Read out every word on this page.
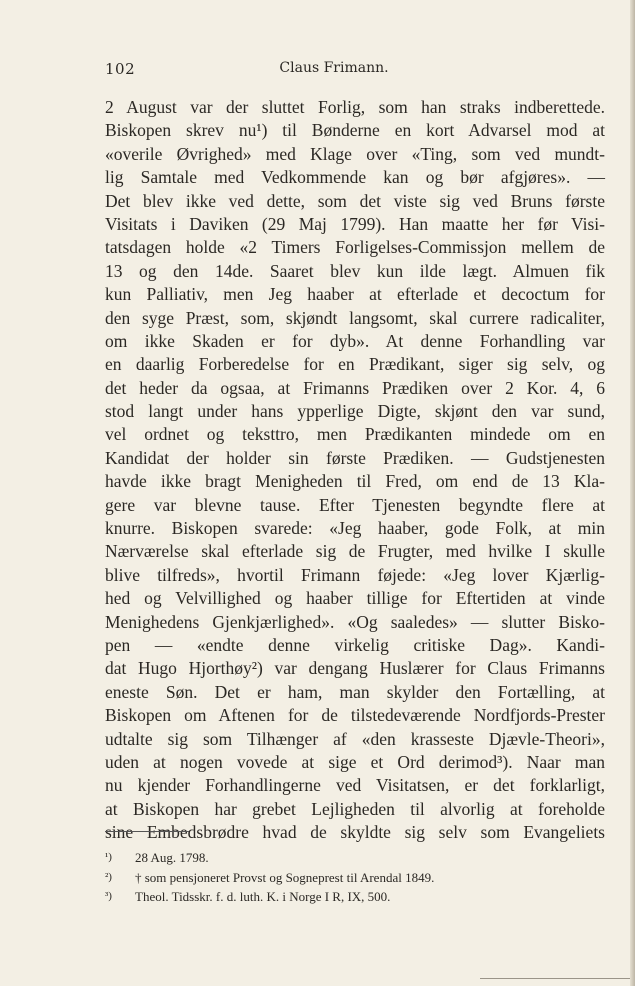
102	Claus Frimann.
2 August var der sluttet Forlig, som han straks indberettede.
Biskopen skrev nu¹) til Bønderne en kort Advarsel mod at
«overile Øvrighed» med Klage over «Ting, som ved mundt-
lig Samtale med Vedkommende kan og bør afgjøres». —
Det blev ikke ved dette, som det viste sig ved Bruns første
Visitats i Daviken (29 Maj 1799). Han maatte her før Visi-
tatsdagen holde «2 Timers Forligelses-Commissjon mellem de
13 og den 14de. Saaret blev kun ilde lægt. Almuen fik
kun Palliativ, men Jeg haaber at efterlade et decoctum for
den syge Præst, som, skjøndt langsomt, skal currere radicaliter,
om ikke Skaden er for dyb». At denne Forhandling var
en daarlig Forberedelse for en Prædikant, siger sig selv, og
det heder da ogsaa, at Frimanns Prædiken over 2 Kor. 4, 6
stod langt under hans ypperlige Digte, skjønt den var sund,
vel ordnet og teksttro, men Prædikanten mindede om en
Kandidat der holder sin første Prædiken. — Gudstjenesten
havde ikke bragt Menigheden til Fred, om end de 13 Kla-
gere var blevne tause. Efter Tjenesten begyndte flere at
knurre. Biskopen svarede: «Jeg haaber, gode Folk, at min
Nærværelse skal efterlade sig de Frugter, med hvilke I skulle
blive tilfreds», hvortil Frimann føjede: «Jeg lover Kjærlig-
hed og Velvillighed og haaber tillige for Eftertiden at vinde
Menighedens Gjenkjærlighed». «Og saaledes» — slutter Bisko-
pen — «endte denne virkelig critiske Dag». Kandi-
dat Hugo Hjorthøy²) var dengang Huslærer for Claus Frimanns
eneste Søn. Det er ham, man skylder den Fortælling, at
Biskopen om Aftenen for de tilstedeværende Nordfjords-Prester
udtalte sig som Tilhænger af «den krasseste Djævle-Theori»,
uden at nogen vovede at sige et Ord derimod³). Naar man
nu kjender Forhandlingerne ved Visitatsen, er det forklarligt,
at Biskopen har grebet Lejligheden til alvorlig at foreholde
sine Embedsbrødre hvad de skyldte sig selv som Evangeliets
¹) 28 Aug. 1798.
²) † som pensjoneret Provst og Sogneprest til Arendal 1849.
³) Theol. Tidsskr. f. d. luth. K. i Norge I R, IX, 500.
